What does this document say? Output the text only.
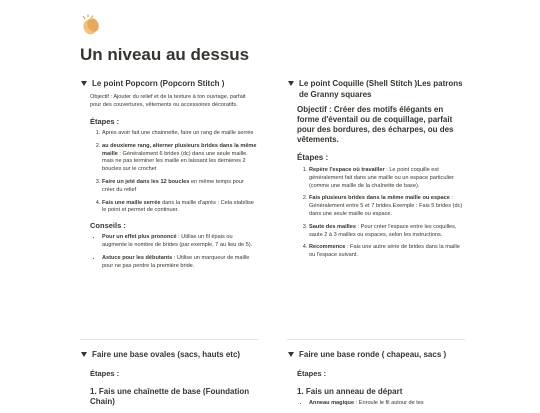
Un niveau au dessus
Le point Popcorn (Popcorn Stitch )

Objectif : Ajouter du relief et de la texture à ton ouvrage, parfait pour des couvertures, vêtements ou accessoires décoratifs.

Étapes :
1. Apres avoir fait une chainnette, faire un rang de maille serrée
2. au deuxieme rang, alterner plusieurs brides dans la même maille : Généralement 6 brides (dc) dans une seule maille. mais ne pas terminer les maille en laissant les dernieres 2 boucles sur le crochet
3. Faire un jeté dans les 12 boucles en même temps pour créer du relief
4. Fais une maille serrée dans la maille d'après : Cela stabilise le point et permet de continuer.
Conseils :
• Pour un effet plus prononcé : Utilise un fil épais ou augmente le nombre de brides (par exemple, 7 au lieu de 5).
• Astuce pour les débutants : Utilise un marqueur de maille pour ne pas perdre la première bride.
Le point Coquille (Shell Stitch )Les patrons de Granny squares

Objectif : Créer des motifs élégants en forme d'éventail ou de coquillage, parfait pour des bordures, des écharpes, ou des vêtements.

Étapes :
1. Repère l'espace où travailler : Le point coquille est généralement fait dans une maille ou un espace particulier (comme une maille de la chaînette de base).
2. Fais plusieurs brides dans la même maille ou espace : Généralement entre 5 et 7 brides.Exemple : Fais 5 brides (dc) dans une seule maille ou espace.
3. Saute des mailles : Pour créer l'espace entre les coquilles, saute 2 à 3 mailles ou espaces, selon les instructions.
4. Recommence : Fais une autre série de brides dans la maille ou l'espace suivant.
Faire une base ovales (sacs, hauts etc)
Étapes :
1. Fais une chaînette de base (Foundation Chain)
Faire une base ronde ( chapeau, sacs )
Étapes :
1. Fais un anneau de départ
• Anneau magique : Enroule le fil autour de tes
